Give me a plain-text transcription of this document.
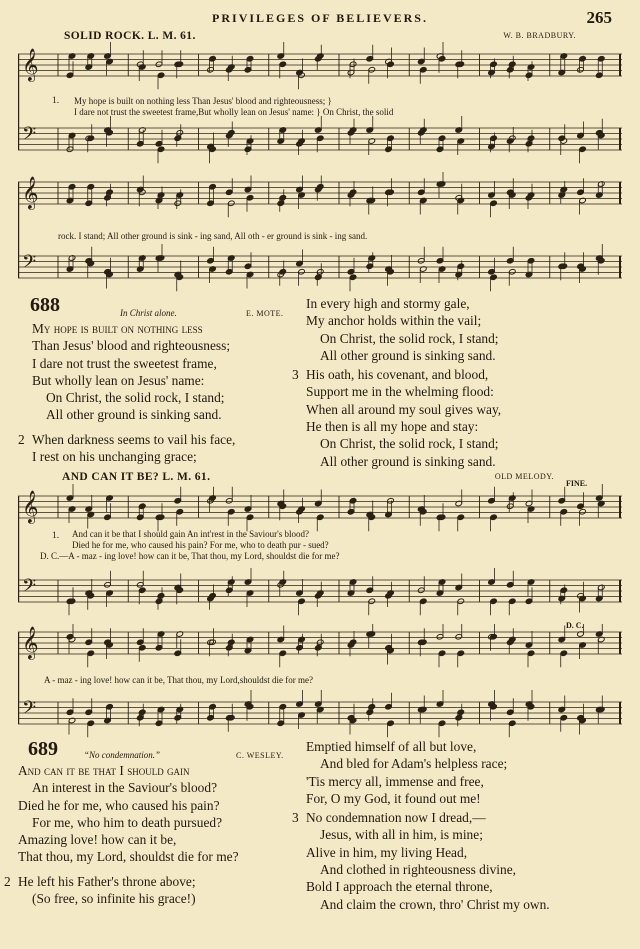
PRIVILEGES OF BELIEVERS.	265
SOLID ROCK. L. M. 61.	W. B. BRADBURY.
𝄞
𝄢
1. My hope is built on nothing less Than Jesus' blood and righteousness; }
I dare not trust the sweetest frame,But wholly lean on Jesus' name: } On Christ, the solid
𝄞
𝄢
rock. I stand; All other ground is sink - ing sand, All oth - er ground is sink - ing sand.
688	In Christ alone.	E. MOTE.
My hope is built on nothing less
Than Jesus' blood and righteousness;
I dare not trust the sweetest frame,
But wholly lean on Jesus' name:
On Christ, the solid rock, I stand;
All other ground is sinking sand.
2 When darkness seems to vail his face,
I rest on his unchanging grace;
In every high and stormy gale,
My anchor holds within the vail;
On Christ, the solid rock, I stand;
All other ground is sinking sand.
3 His oath, his covenant, and blood,
Support me in the whelming flood:
When all around my soul gives way,
He then is all my hope and stay:
On Christ, the solid rock, I stand;
All other ground is sinking sand.
AND CAN IT BE? L. M. 61.	OLD MELODY.
FINE.
𝄞
𝄢
1. And can it be that I should gain An int'rest in the Saviour's blood?
Died he for me, who caused his pain? For me, who to death pur - sued?
D. C.—A - maz - ing love! how can it be, That thou, my Lord, shouldst die for me?
D. C.
𝄞
𝄢
A - maz - ing love! how can it be, That thou, my Lord,shouldst die for me?
689	“No condemnation.”	C. WESLEY.
And can it be that I should gain
An interest in the Saviour's blood?
Died he for me, who caused his pain?
For me, who him to death pursued?
Amazing love! how can it be,
That thou, my Lord, shouldst die for me?
2 He left his Father's throne above;
(So free, so infinite his grace!)
Emptied himself of all but love,
And bled for Adam's helpless race;
'Tis mercy all, immense and free,
For, O my God, it found out me!
3 No condemnation now I dread,—
Jesus, with all in him, is mine;
Alive in him, my living Head,
And clothed in righteousness divine,
Bold I approach the eternal throne,
And claim the crown, thro' Christ my own.
